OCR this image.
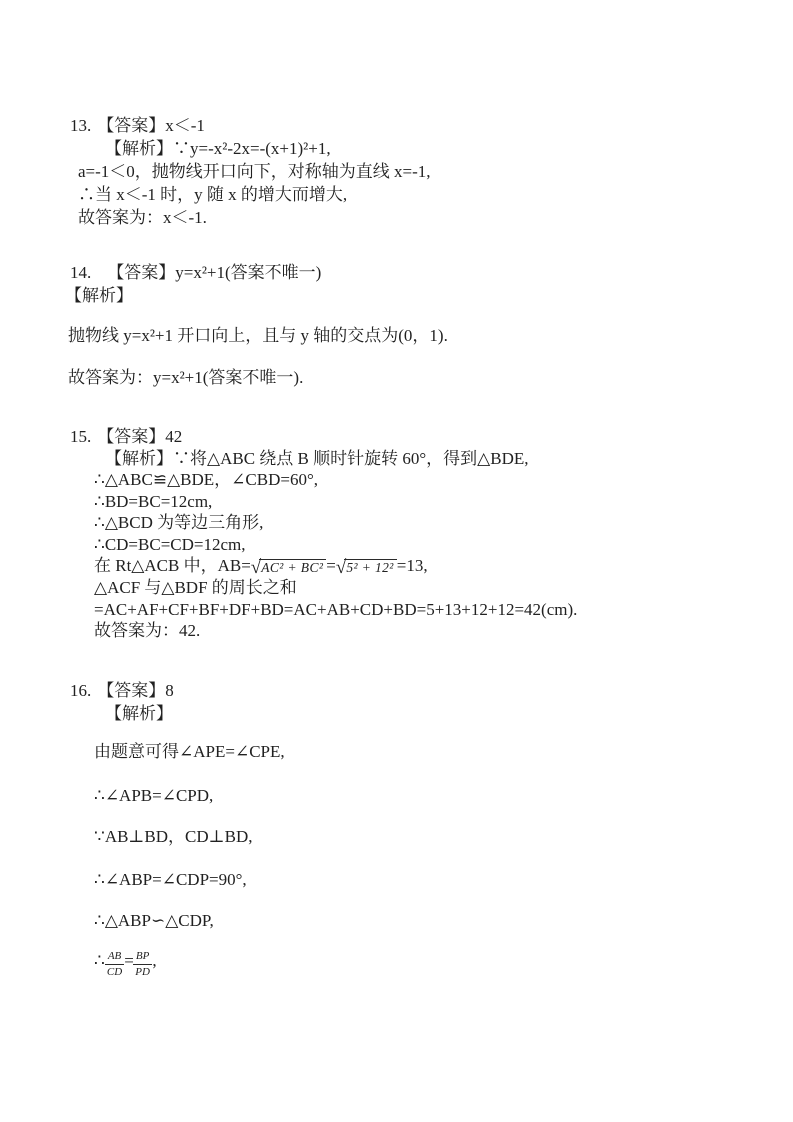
13. 【答案】x＜-1
【解析】∵y=-x²-2x=-(x+1)²+1,
a=-1＜0，抛物线开口向下，对称轴为直线 x=-1,
∴当 x＜-1 时，y 随 x 的增大而增大,
故答案为：x＜-1.
14. 【答案】y=x²+1(答案不唯一)
【解析】
抛物线 y=x²+1 开口向上，且与 y 轴的交点为(0，1).
故答案为：y=x²+1(答案不唯一).
15. 【答案】42
【解析】∵将△ABC 绕点 B 顺时针旋转 60°，得到△BDE,
∴△ABC≌△BDE，∠CBD=60°,
∴BD=BC=12cm,
∴△BCD 为等边三角形,
∴CD=BC=CD=12cm,
在 Rt△ACB 中，AB=√AC² + BC² =√5² + 12² =13,
△ACF 与△BDF 的周长之和
=AC+AF+CF+BF+DF+BD=AC+AB+CD+BD=5+13+12+12=42(cm).
故答案为：42.
16. 【答案】8
【解析】
由题意可得∠APE=∠CPE,
∴∠APB=∠CPD,
∵AB⊥BD，CD⊥BD,
∴∠ABP=∠CDP=90°,
∴△ABP∽△CDP,
∴ $\frac{AB}{CD} = \frac{BP}{PD}$ ,
